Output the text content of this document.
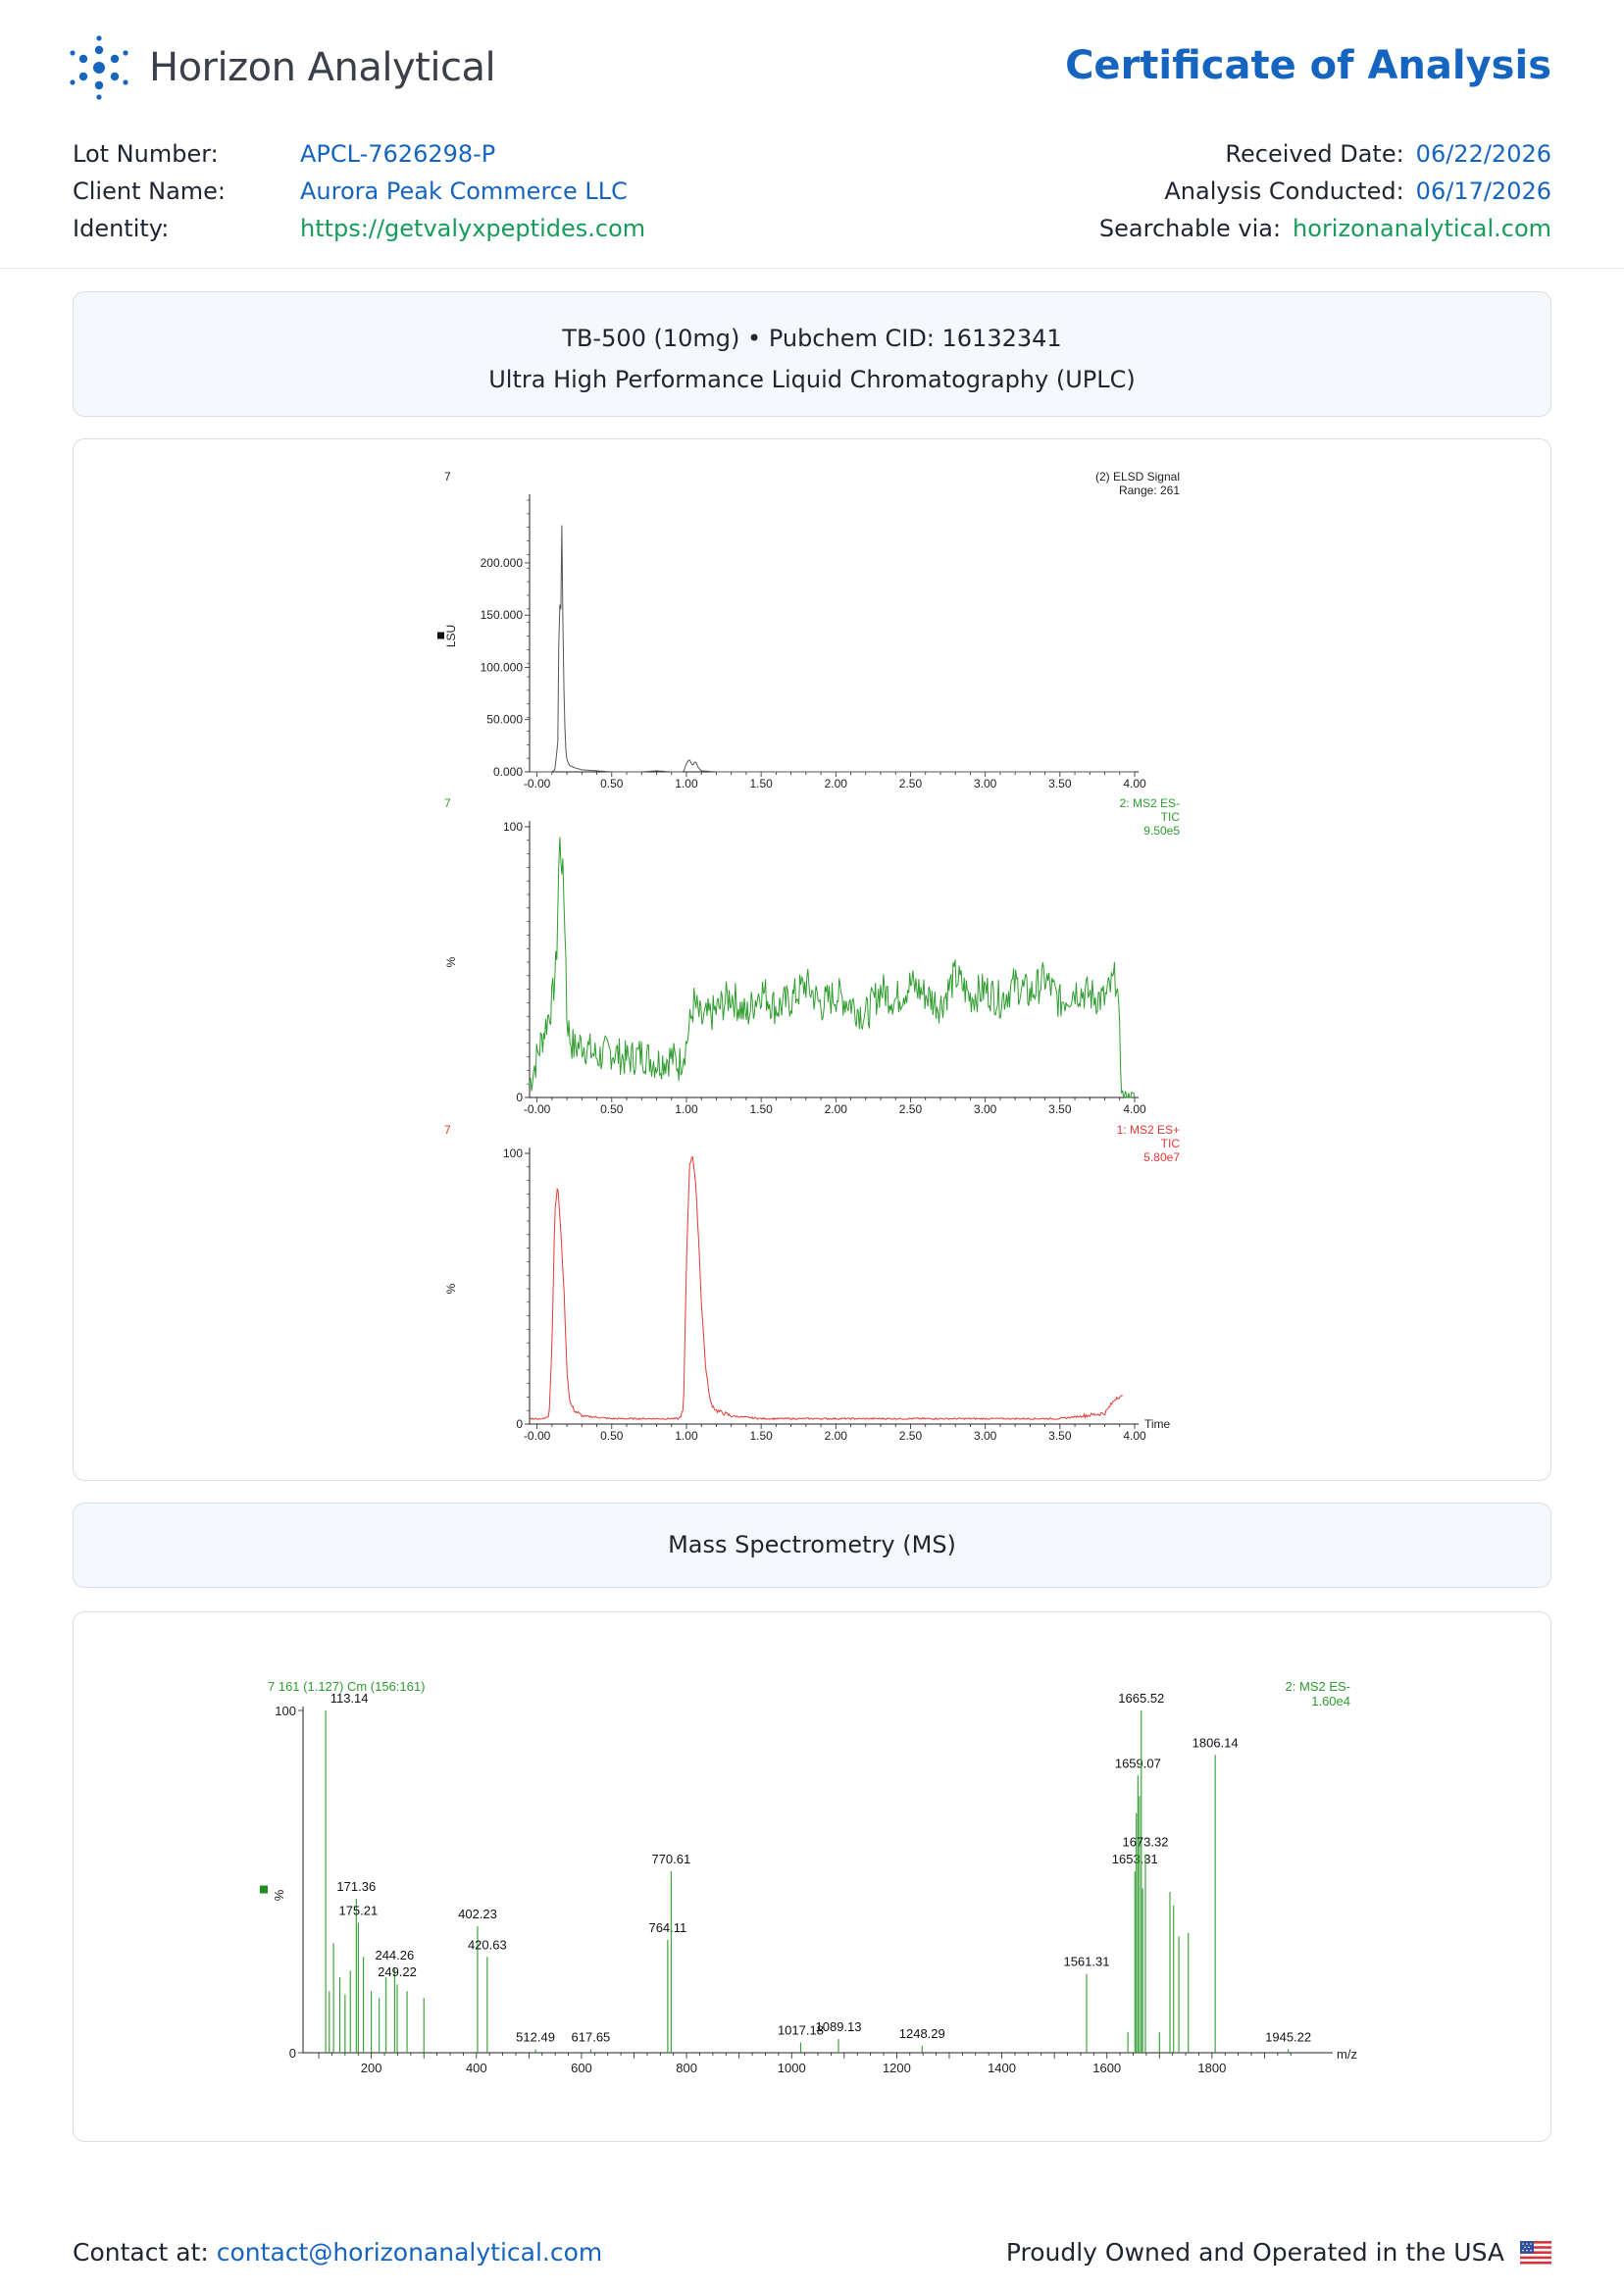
Horizon Analytical	Certificate of Analysis
Lot Number:	APCL-7626298-P
Client Name:	Aurora Peak Commerce LLC
Identity:	https://getvalyxpeptides.com
Received Date: 06/22/2026
Analysis Conducted: 06/17/2026
Searchable via: horizonanalytical.com
TB-500 (10mg) • Pubchem CID: 16132341
Ultra High Performance Liquid Chromatography (UPLC)
-0.00	0.50	1.00	1.50	2.00	2.50	3.00	3.50	4.00
0.000
50.000
100.000
150.000
200.000
LSU
7	(2) ELSD Signal
Range: 261
-0.00	0.50	1.00	1.50	2.00	2.50	3.00	3.50	4.00
0
100
%
7	2: MS2 ES-
TIC
9.50e5
-0.00	0.50	1.00	1.50	2.00	2.50	3.00	3.50	4.00
0
100
%
7	1: MS2 ES+
TIC
5.80e7
Time
Mass Spectrometry (MS)
200	400	600	800	1000	1200	1400	1600	1800
0
100
%
7 161 (1.127) Cm (156:161)	2: MS2 ES-
1.60e4
m/z
113.14
171.36
175.21
244.26
249.22
402.23
420.63
512.49 617.65
764.11
770.61
1017.18
1089.13	1248.29
1561.31
1653.31
1659.07
1665.52
1673.32
1806.14
1945.22
Contact at: contact@horizonanalytical.com	Proudly Owned and Operated in the USA
